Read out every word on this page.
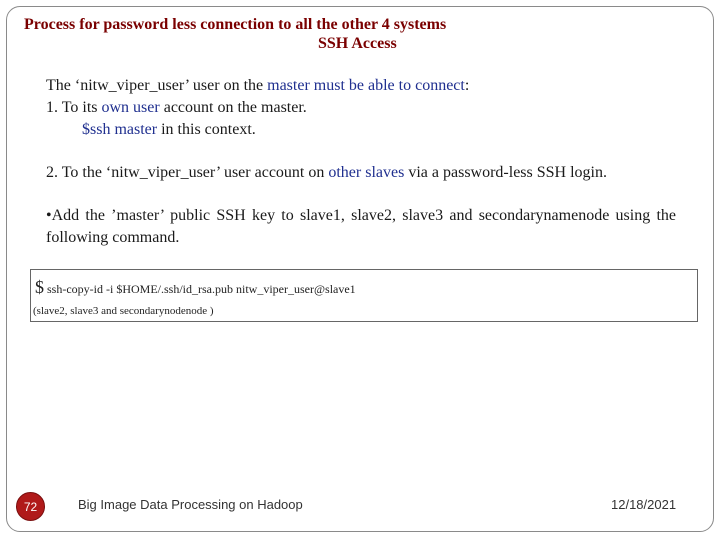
Process for password less connection to all the other 4 systems
SSH Access
The ‘nitw_viper_user’ user on the master must be able to connect:
1. To its own user account on the master.
$ssh master in this context.
2. To the ‘nitw_viper_user’ user account on other slaves via a password-less SSH login.
•Add the ’master’ public SSH key to slave1, slave2, slave3 and secondarynamenode using the following command.
$ ssh-copy-id -i $HOME/.ssh/id_rsa.pub nitw_viper_user@slave1
(slave2, slave3 and secondarynodenode )
72	Big Image Data Processing on Hadoop	12/18/2021
